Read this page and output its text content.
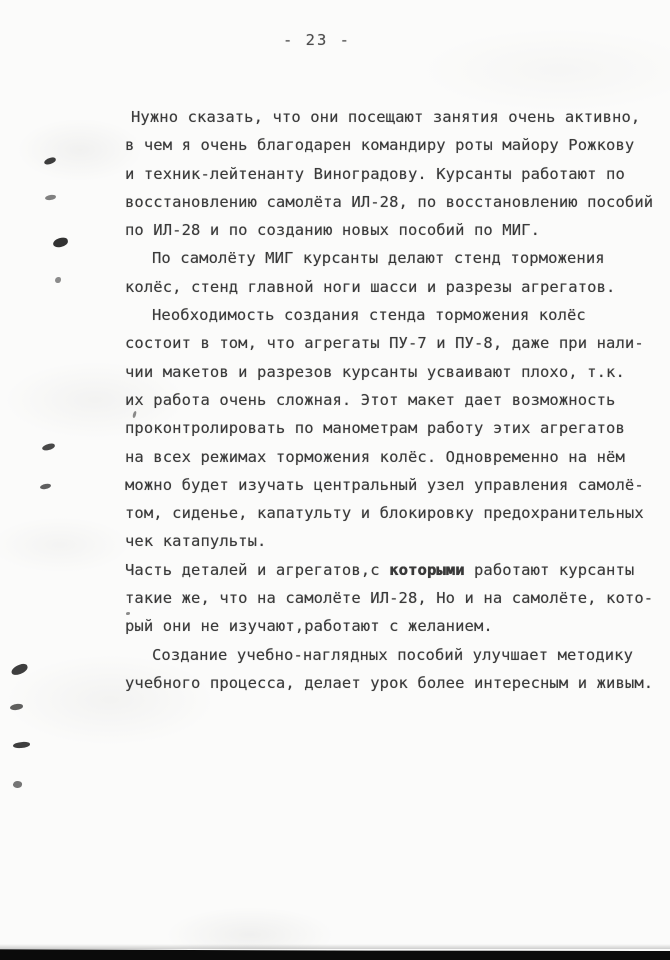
- 23 -
Нужно сказать, что они посещают занятия очень активно,
в чем я очень благодарен командиру роты майору Рожкову
и техник-лейтенанту Виноградову. Курсанты работают по
восстановлению самолёта ИЛ-28, по восстановлению пособий
по ИЛ-28 и по созданию новых пособий по МИГ.
По самолёту МИГ курсанты делают стенд торможения
колёс, стенд главной ноги шасси и разрезы агрегатов.
Необходимость создания стенда торможения колёс
состоит в том, что агрегаты ПУ-7 и ПУ-8, даже при нали-
чии макетов и разрезов курсанты усваивают плохо, т.к.
их работа очень сложная. Этот макет дает возможность
проконтролировать по манометрам работу этих агрегатов
на всех режимах торможения колёс. Одновременно на нём
можно будет изучать центральный узел управления самолё-
том, сиденье, капатульту и блокировку предохранительных
чек катапульты.
Часть деталей и агрегатов,с которыми работают курсанты
такие же, что на самолёте ИЛ-28, Но и на самолёте, кото-
рый они не изучают,работают с желанием.
Создание учебно-наглядных пособий улучшает методику
учебного процесса, делает урок более интересным и живым.
